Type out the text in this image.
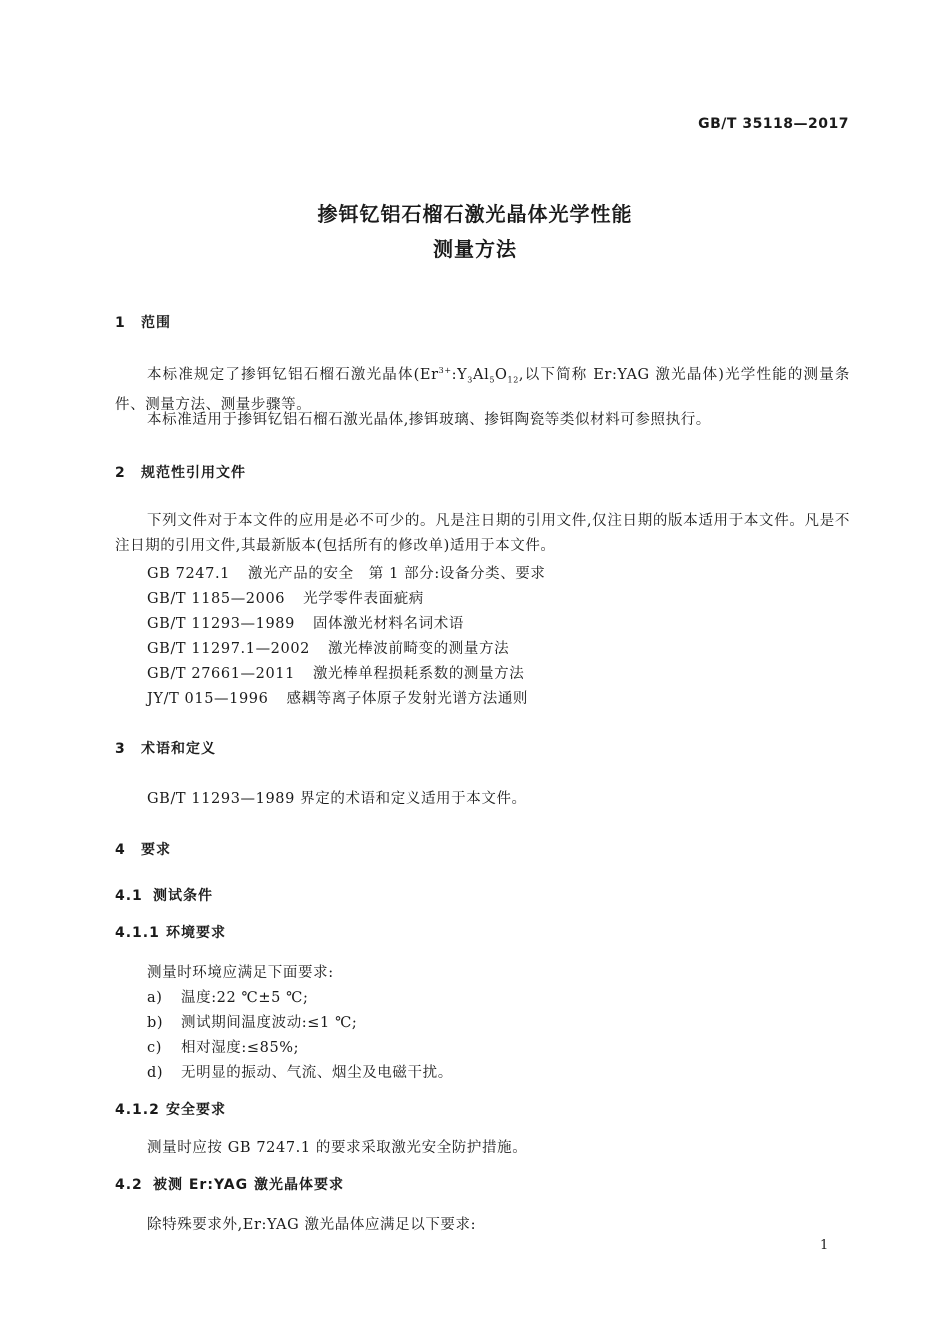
GB/T 35118—2017
掺铒钇铝石榴石激光晶体光学性能
测量方法
1 范围
本标准规定了掺铒钇铝石榴石激光晶体($Er^{3+}:Y_3Al_5O_{12}$,以下简称 Er:YAG 激光晶体)光学性能的测量条件、测量方法、测量步骤等。
本标准适用于掺铒钇铝石榴石激光晶体,掺铒玻璃、掺铒陶瓷等类似材料可参照执行。
2 规范性引用文件
下列文件对于本文件的应用是必不可少的。凡是注日期的引用文件,仅注日期的版本适用于本文件。凡是不注日期的引用文件,其最新版本(包括所有的修改单)适用于本文件。
GB 7247.1 激光产品的安全　第 1 部分:设备分类、要求
GB/T 1185—2006 光学零件表面疵病
GB/T 11293—1989 固体激光材料名词术语
GB/T 11297.1—2002 激光棒波前畸变的测量方法
GB/T 27661—2011 激光棒单程损耗系数的测量方法
JY/T 015—1996 感耦等离子体原子发射光谱方法通则
3 术语和定义
GB/T 11293—1989 界定的术语和定义适用于本文件。
4 要求
4.1 测试条件
4.1.1 环境要求
测量时环境应满足下面要求:
a) 温度:22 ℃±5 ℃;
b) 测试期间温度波动:≤1 ℃;
c) 相对湿度:≤85%;
d) 无明显的振动、气流、烟尘及电磁干扰。
4.1.2 安全要求
测量时应按 GB 7247.1 的要求采取激光安全防护措施。
4.2 被测 Er:YAG 激光晶体要求
除特殊要求外,Er:YAG 激光晶体应满足以下要求:
1
